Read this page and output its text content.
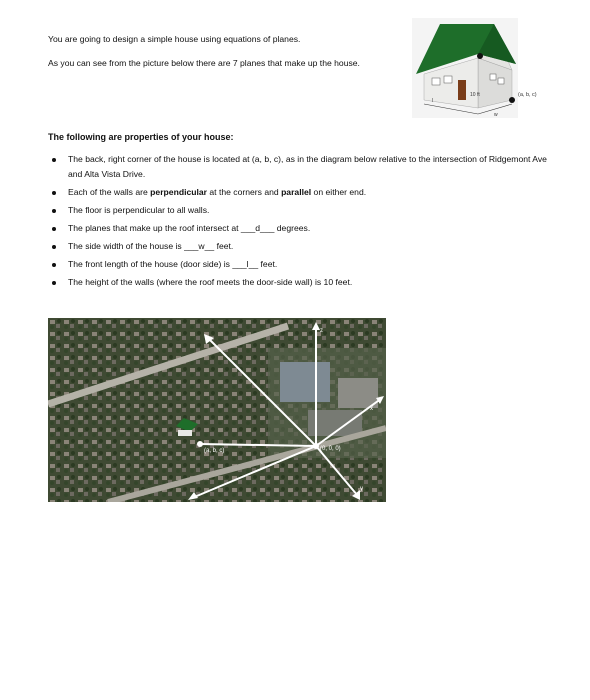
You are going to design a simple house using equations of planes.
As you can see from the picture below there are 7 planes that make up the house.
10 ft
w
l
(a, b, c)
The following are properties of your house:
The back, right corner of the house is located at (a, b, c), as in the diagram below relative to the intersection of Ridgemont Ave and Alta Vista Drive.
Each of the walls are perpendicular at the corners and parallel on either end.
The floor is perpendicular to all walls.
The planes that make up the roof intersect at ___d___ degrees.
The side width of the house is ___w__ feet.
The front length of the house (door side) is ___l__ feet.
The height of the walls (where the roof meets the door-side wall) is 10 feet.
(a, b, c)	(0, 0, 0)
z
x
y
